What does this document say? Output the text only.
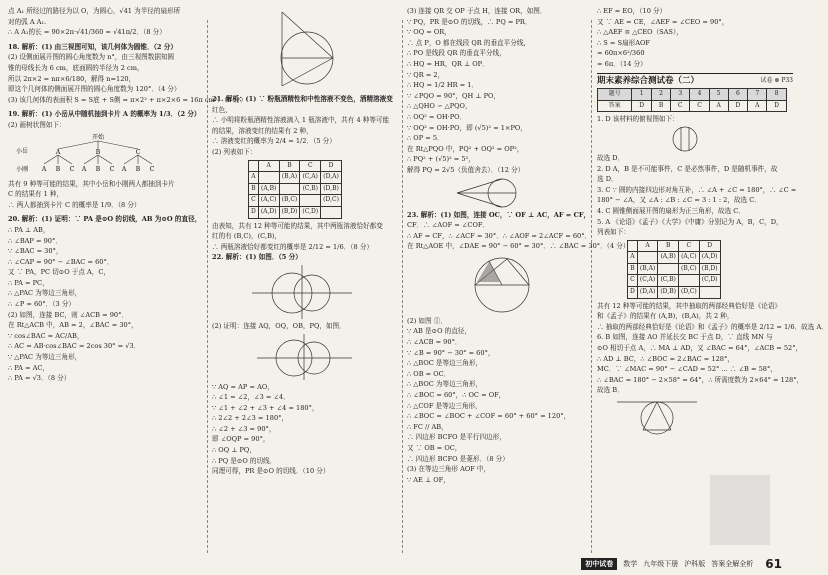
点 A₁ 所经过的路径为以 O，为圆心，√41 为半径的扇形所

对的弧 A A₁.

∴ A A₁的长 = 90×2π·√41/360 = √41π/2．（8 分）

18. 解析：(1) 由三视图可知，该几何体为圆锥．（2 分）

(2) 设侧面展开图的圆心角度数为 n°，由三视图数据知圆

锥的母线长为 6 cm，底面圆的半径为 2 cm，

所以 2π×2 = nπ×6/180，解得 n=120，

即这个几何体的侧面展开图的圆心角度数为 120°．（4 分）

(3) 该几何体的表面积 S = S底 + S侧 = π×2² + π×2×6 = 16π cm²．（8 分）

19. 解析：(1) 小岳从中随机抽到卡片 A 的概率为 1/3．（2 分）

(2) 画树状图如下：

开始
小岳
小刚
A	B	C
A B C A B C A B C

共有 9 种等可能的结果，其中小岳和小刚两人都抽到卡片

C 的结果有 1 种，

∴ 两人都抽到卡片 C 的概率是 1/9．（8 分）

20. 解析：(1) 证明：∵ PA 是⊙O 的切线，AB 为⊙O 的直径，

∴ PA ⊥ AB，

∴ ∠BAP = 90°．

∵ ∠BAC = 30°，

∴ ∠CAP = 90° − ∠BAC = 60°．

又 ∵ PA，PC 切⊙O 于点 A，C，

∴ PA = PC，

∴ △PAC 为等边三角形，

∴ ∠P = 60°．（3 分）

(2) 如图，连接 BC，则 ∠ACB = 90°．

在 Rt△ACB 中，AB = 2，∠BAC = 30°，

∵ cos∠BAC = AC/AB，

∴ AC = AB·cos∠BAC = 2cos 30° = √3．

∵ △PAC 为等边三角形，

∴ PA = AC，

∴ PA = √3．（8 分）

21. 解析：(1) ∵ 粉瓶酒精性和中性溶液不变色，酒精溶液变

红色，

∴ 小明将粉瓶酒精性溶液滴入 1 瓶溶液中，共有 4 种等可能

的结果，溶液变红的结果有 2 种，

∴ 溶液变红的概率为 2/4 = 1/2．（5 分）

(2) 列表如下：

	A	B	C	D
A		(B,A)	(C,A)	(D,A)
B	(A,B)		(C,B)	(D,B)
C	(A,C)	(B,C)		(D,C)
D	(A,D)	(B,D)	(C,D)	

由表知，共有 12 种等可能的结果，其中两瓶溶液恰好都变

红的有 (B,C)，(C,B)，

∴ 两瓶溶液恰好都变红的概率是 2/12 = 1/6．（8 分）

22. 解析：(1) 如图．（5 分）

(2) 证明：连接 AQ，OQ，OB，PQ，如图．

∵ AQ = AP = AO，

∴ ∠1 = ∠2，∠3 = ∠4．

∵ ∠1 + ∠2 + ∠3 + ∠4 = 180°，

∴ 2∠2 + 2∠3 = 180°，

∴ ∠2 + ∠3 = 90°，

即 ∠OQP = 90°，

∴ OQ ⊥ PQ，

∴ PQ 是⊙O 的切线．

同理可得，PR 是⊙O 的切线．（10 分）

(3) 连接 QR 交 OP 于点 H，连接 OR，如图．

∵ PQ，PR 是⊙O 的切线，∴ PQ = PR．

∵ OQ = OR，

∴ 点 P，O 都在线段 QR 的垂直平分线，

∴ PO 是线段 QR 的垂直平分线，

∴ HQ = HR，QR ⊥ OP．

∵ QR = 2，

∴ HQ = 1/2 HR = 1．

∵ ∠PQO = 90°，QH ⊥ PO，

∴ △QHO ∽ △PQO，

∴ OQ² = OH·PO．

∵ OQ² = OH·PO，即 (√5)² = 1×PO，

∴ OP = 5．

在 Rt△PQO 中，PQ² + OQ² = OP²，

∴ PQ² + (√5)² = 5²，

解得 PQ = 2√5（负值舍去）．（12 分）

23. 解析：(1) 如图，连接 OC，∵ OF ⊥ AC，AF = CF，

CF．∴ ∠AOF = ∠COF．

∴ AF = CF，∴ ∠ACF = 30°．∴ ∠AOF = 2∠ACF = 60°．

在 Rt△AOE 中，∠DAE = 90° − 60° = 30°．∴ ∠BAC = 30°．（4 分）

(2) 如图 ①．

∵ AB 是⊙O 的直径，

∴ ∠ACB = 90°．

∵ ∠B = 90° − 30° = 60°，

∴ △BOC 是等边三角形，

∴ OB = OC．

∴ △BOC 为等边三角形，

∴ ∠BOC = 60°，∴ OC = OF，

∴ △COF 是等边三角形，

∴ ∠BOC = ∠BOC + ∠COF = 60° + 60° = 120°，

∴ FC // AB，

∴ 四边形 BCFO 是平行四边形，

又 ∵ OB = OC，

∴ 四边形 BCFO 是菱形．（8 分）

(3) 在等边三角形 AOF 中，

∵ AE ⊥ OF，

∴ EF = EO，（10 分）

又 ∵ AE = CE，∠AEF = ∠CEO = 90°，

∴ △AEF ≌ △CEO（SAS），

∴ S = S扇形AOF

= 60π×6²/360

= 6π．（14 分）

期末素养综合测试卷（二）	试卷 ⊗ P33
题号	1	2	3	4	5	6	7	8
答案	D	B	C	C	A	D	A	D

1. D 该材料的俯视图如下：

故选 D．

2. D A，B 是不可能事件，C 是必然事件，D 是随机事件，故

选 D．

3. C ∵ 圆的内接四边形对角互补，∴ ∠A + ∠C = 180°，∴ ∠C =

180° − ∠A，又 ∠A : ∠B : ∠C = 3 : 1 : 2，故选 C．

4. C 圆锥侧面展开图的扇形为正三角形，故选 C．

5. A 《论语》《孟子》《大学》《中庸》分别记为 A，B，C，D，

列表如下：

	A	B	C	D
A		(A,B)	(A,C)	(A,D)
B	(B,A)		(B,C)	(B,D)
C	(C,A)	(C,B)		(C,D)
D	(D,A)	(D,B)	(D,C)	

共有 12 种等可能的结果，其中抽取的两部经典恰好是《论语》

和《孟子》的结果有 (A,B)，(B,A)，共 2 种，

∴ 抽取的两部经典恰好是《论语》和《孟子》的概率是 2/12 = 1/6．故选 A．

6. B 如图，连接 AO 并延长交 BC 于点 D，∵ 直线 MN 与

⊙O 相切于点 A，∴ MA ⊥ AD，又 ∠BAC = 64°，∠ACB = 52°，

∴ AD ⊥ BC，∴ ∠BOC = 2∠BAC = 128°，

MC．∵ ∠MAC = 90° − ∠CAD = 52° ... ∴ ∠B = 58°，

∴ ∠BAC = 180° − 2×58° = 64°，∴ 所需度数为 2×64° = 128°，

故选 B．

初中试卷	数学 九年级下册 沪科版 答案全解全析 61
